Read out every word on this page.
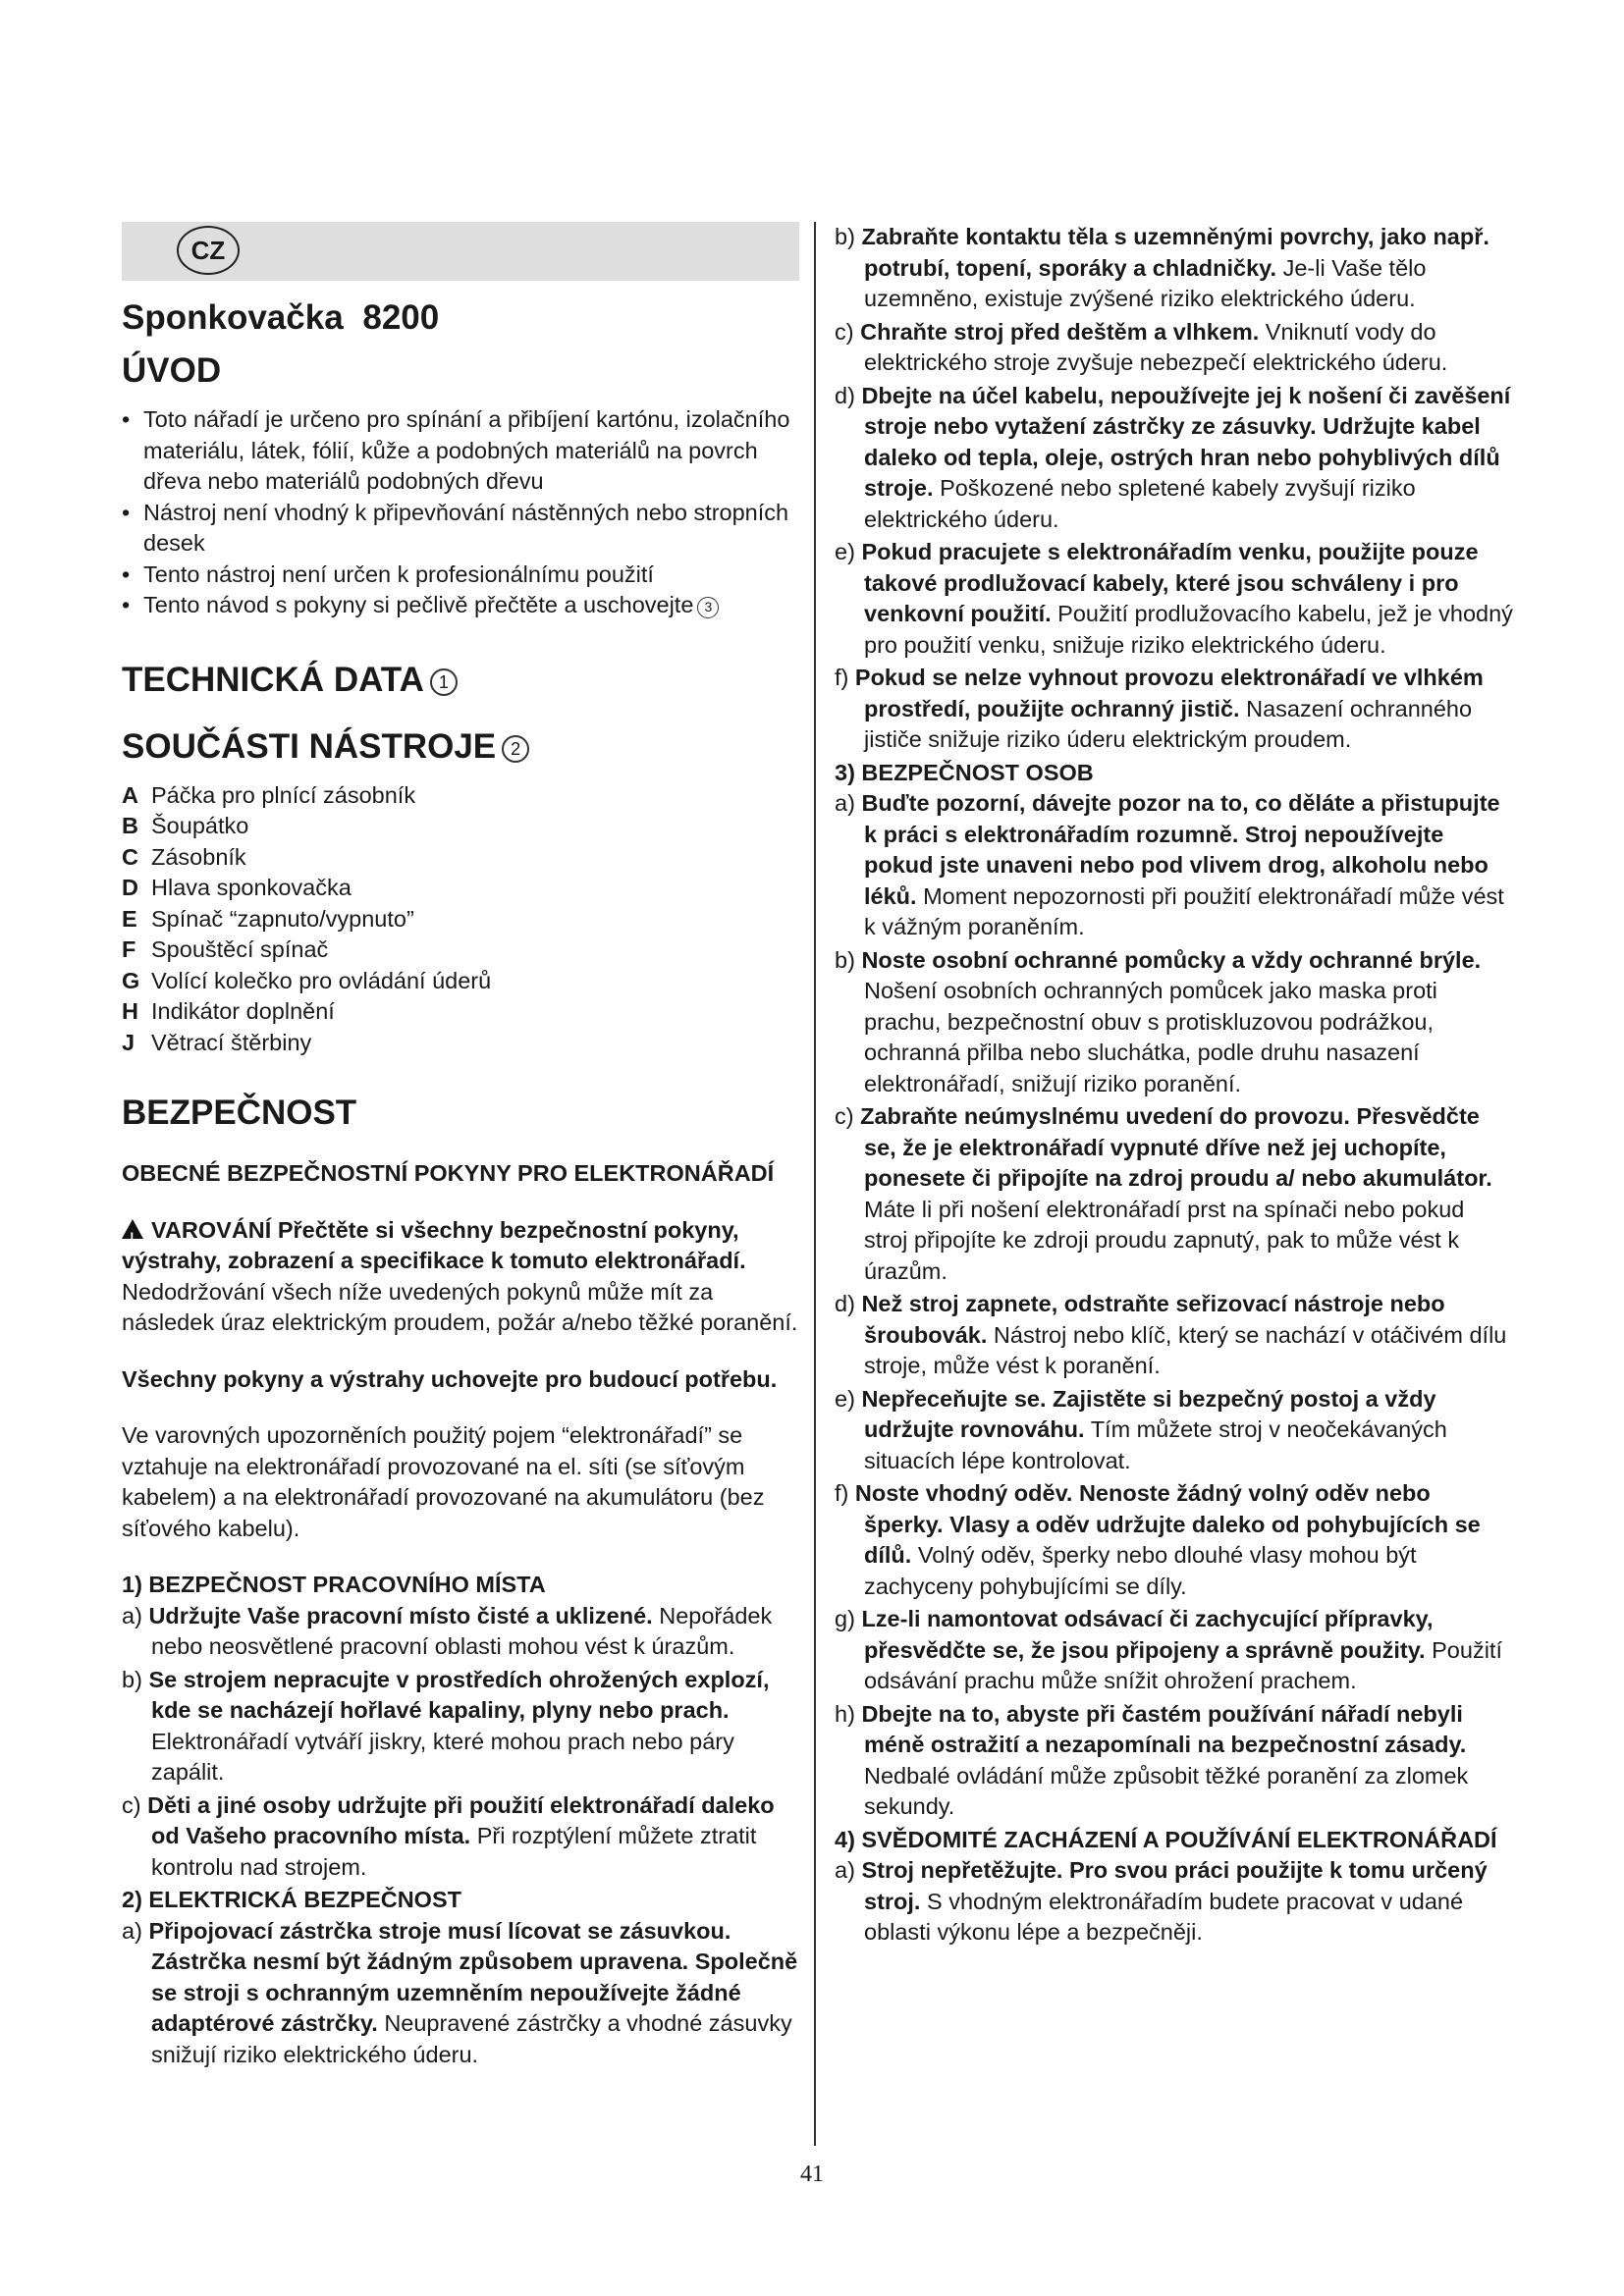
CZ
Sponkovačka 8200
ÚVOD
• Toto nářadí je určeno pro spínání a přibíjení kartónu, izolačního materiálu, látek, fólií, kůže a podobných materiálů na povrch dřeva nebo materiálů podobných dřevu
• Nástroj není vhodný k připevňování nástěnných nebo stropních desek
• Tento nástroj není určen k profesionálnímu použití
• Tento návod s pokyny si pečlivě přečtěte a uschovejte 3
TECHNICKÁ DATA 1
SOUČÁSTI NÁSTROJE 2
A Páčka pro plnící zásobník
B Šoupátko
C Zásobník
D Hlava sponkovačka
E Spínač “zapnuto/vypnuto”
F Spouštěcí spínač
G Volící kolečko pro ovládání úderů
H Indikátor doplnění
J Větrací štěrbiny
BEZPEČNOST
OBECNÉ BEZPEČNOSTNÍ POKYNY PRO ELEKTRONÁŘADÍ

!VAROVÁNÍ Přečtěte si všechny bezpečnostní pokyny, výstrahy, zobrazení a specifikace k tomuto elektronářadí. Nedodržování všech níže uvedených pokynů může mít za následek úraz elektrickým proudem, požár a/nebo těžké poranění.

Všechny pokyny a výstrahy uchovejte pro budoucí potřebu.

Ve varovných upozorněních použitý pojem “elektronářadí” se vztahuje na elektronářadí provozované na el. síti (se síťovým kabelem) a na elektronářadí provozované na akumulátoru (bez síťového kabelu).

1) BEZPEČNOST PRACOVNÍHO MÍSTA
a) Udržujte Vaše pracovní místo čisté a uklizené. Nepořádek nebo neosvětlené pracovní oblasti mohou vést k úrazům.
b) Se strojem nepracujte v prostředích ohrožených explozí, kde se nacházejí hořlavé kapaliny, plyny nebo prach. Elektronářadí vytváří jiskry, které mohou prach nebo páry zapálit.
c) Děti a jiné osoby udržujte při použití elektronářadí daleko od Vašeho pracovního místa. Při rozptýlení můžete ztratit kontrolu nad strojem.
2) ELEKTRICKÁ BEZPEČNOST
a) Připojovací zástrčka stroje musí lícovat se zásuvkou. Zástrčka nesmí být žádným způsobem upravena. Společně se stroji s ochranným uzemněním nepoužívejte žádné adaptérové zástrčky. Neupravené zástrčky a vhodné zásuvky snižují riziko elektrického úderu.
b) Zabraňte kontaktu těla s uzemněnými povrchy, jako např. potrubí, topení, sporáky a chladničky. Je-li Vaše tělo uzemněno, existuje zvýšené riziko elektrického úderu.
c) Chraňte stroj před deštěm a vlhkem. Vniknutí vody do elektrického stroje zvyšuje nebezpečí elektrického úderu.
d) Dbejte na účel kabelu, nepoužívejte jej k nošení či zavěšení stroje nebo vytažení zástrčky ze zásuvky. Udržujte kabel daleko od tepla, oleje, ostrých hran nebo pohyblivých dílů stroje. Poškozené nebo spletené kabely zvyšují riziko elektrického úderu.
e) Pokud pracujete s elektronářadím venku, použijte pouze takové prodlužovací kabely, které jsou schváleny i pro venkovní použití. Použití prodlužovacího kabelu, jež je vhodný pro použití venku, snižuje riziko elektrického úderu.
f) Pokud se nelze vyhnout provozu elektronářadí ve vlhkém prostředí, použijte ochranný jistič. Nasazení ochranného jističe snižuje riziko úderu elektrickým proudem.
3) BEZPEČNOST OSOB
a) Buďte pozorní, dávejte pozor na to, co děláte a přistupujte k práci s elektronářadím rozumně. Stroj nepoužívejte pokud jste unaveni nebo pod vlivem drog, alkoholu nebo léků. Moment nepozornosti při použití elektronářadí může vést k vážným poraněním.
b) Noste osobní ochranné pomůcky a vždy ochranné brýle. Nošení osobních ochranných pomůcek jako maska proti prachu, bezpečnostní obuv s protiskluzovou podrážkou, ochranná přilba nebo sluchátka, podle druhu nasazení elektronářadí, snižují riziko poranění.
c) Zabraňte neúmyslnému uvedení do provozu. Přesvědčte se, že je elektronářadí vypnuté dříve než jej uchopíte, ponesete či připojíte na zdroj proudu a/ nebo akumulátor. Máte li při nošení elektronářadí prst na spínači nebo pokud stroj připojíte ke zdroji proudu zapnutý, pak to může vést k úrazům.
d) Než stroj zapnete, odstraňte seřizovací nástroje nebo šroubovák. Nástroj nebo klíč, který se nachází v otáčivém dílu stroje, může vést k poranění.
e) Nepřeceňujte se. Zajistěte si bezpečný postoj a vždy udržujte rovnováhu. Tím můžete stroj v neočekávaných situacích lépe kontrolovat.
f) Noste vhodný oděv. Nenoste žádný volný oděv nebo šperky. Vlasy a oděv udržujte daleko od pohybujících se dílů. Volný oděv, šperky nebo dlouhé vlasy mohou být zachyceny pohybujícími se díly.
g) Lze-li namontovat odsávací či zachycující přípravky, přesvědčte se, že jsou připojeny a správně použity. Použití odsávání prachu může snížit ohrožení prachem.
h) Dbejte na to, abyste při častém používání nářadí nebyli méně ostražití a nezapomínali na bezpečnostní zásady. Nedbalé ovládání může způsobit těžké poranění za zlomek sekundy.
4) SVĚDOMITÉ ZACHÁZENÍ A POUŽÍVÁNÍ ELEKTRONÁŘADÍ
a) Stroj nepřetěžujte. Pro svou práci použijte k tomu určený stroj. S vhodným elektronářadím budete pracovat v udané oblasti výkonu lépe a bezpečněji.
41
